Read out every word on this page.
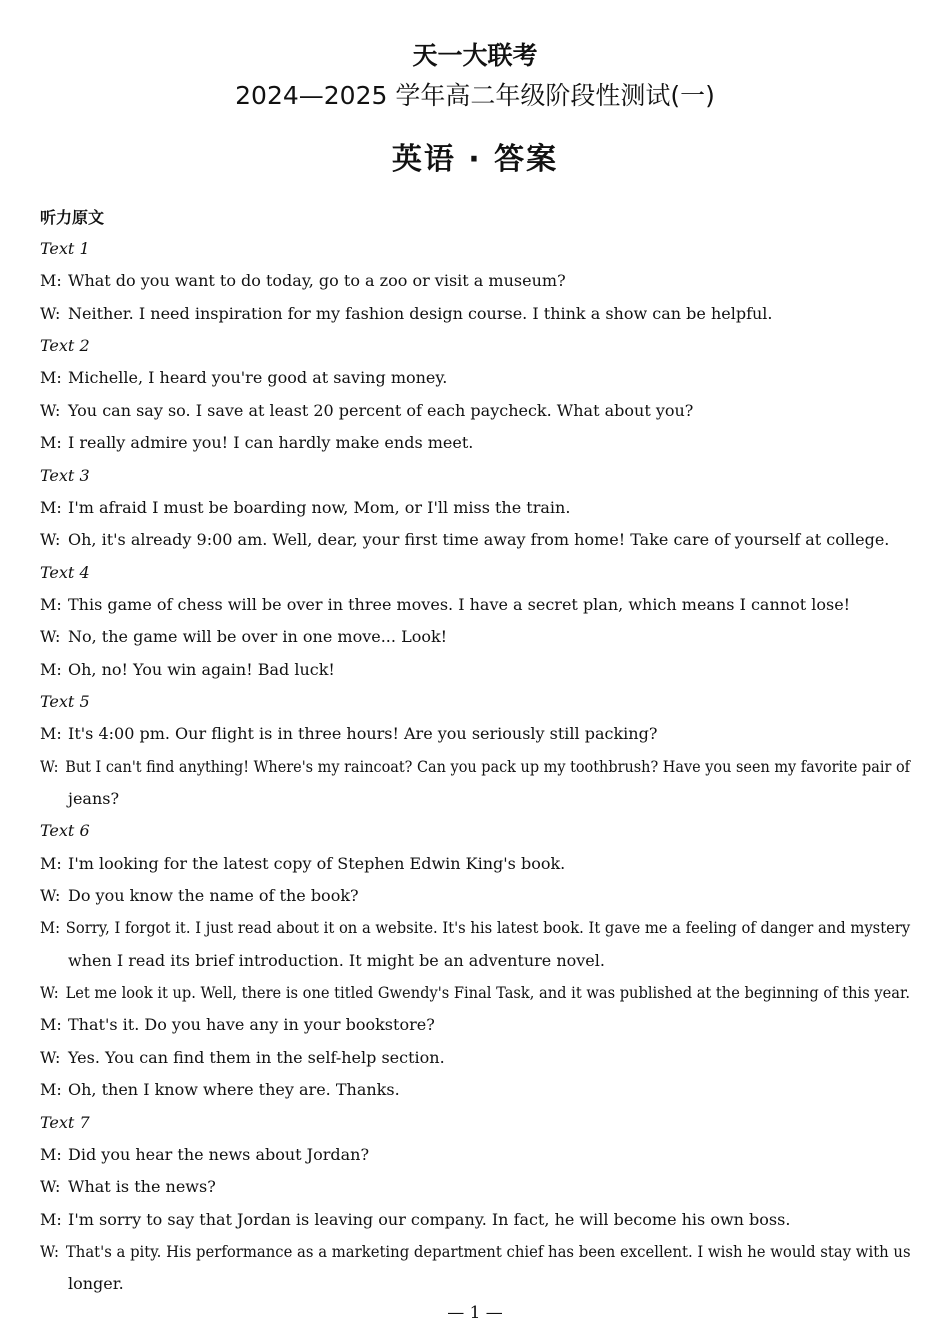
天一大联考
2024—2025 学年高二年级阶段性测试(一)
英语 · 答案
听力原文
Text 1
M: What do you want to do today, go to a zoo or visit a museum?
W: Neither. I need inspiration for my fashion design course. I think a show can be helpful.
Text 2
M: Michelle, I heard you're good at saving money.
W: You can say so. I save at least 20 percent of each paycheck. What about you?
M: I really admire you! I can hardly make ends meet.
Text 3
M: I'm afraid I must be boarding now, Mom, or I'll miss the train.
W: Oh, it's already 9:00 am. Well, dear, your first time away from home! Take care of yourself at college.
Text 4
M: This game of chess will be over in three moves. I have a secret plan, which means I cannot lose!
W: No, the game will be over in one move... Look!
M: Oh, no! You win again! Bad luck!
Text 5
M: It's 4:00 pm. Our flight is in three hours! Are you seriously still packing?
W: But I can't find anything! Where's my raincoat? Can you pack up my toothbrush? Have you seen my favorite pair of
jeans?
Text 6
M: I'm looking for the latest copy of Stephen Edwin King's book.
W: Do you know the name of the book?
M: Sorry, I forgot it. I just read about it on a website. It's his latest book. It gave me a feeling of danger and mystery
when I read its brief introduction. It might be an adventure novel.
W: Let me look it up. Well, there is one titled Gwendy's Final Task, and it was published at the beginning of this year.
M: That's it. Do you have any in your bookstore?
W: Yes. You can find them in the self-help section.
M: Oh, then I know where they are. Thanks.
Text 7
M: Did you hear the news about Jordan?
W: What is the news?
M: I'm sorry to say that Jordan is leaving our company. In fact, he will become his own boss.
W: That's a pity. His performance as a marketing department chief has been excellent. I wish he would stay with us
longer.
— 1 —
